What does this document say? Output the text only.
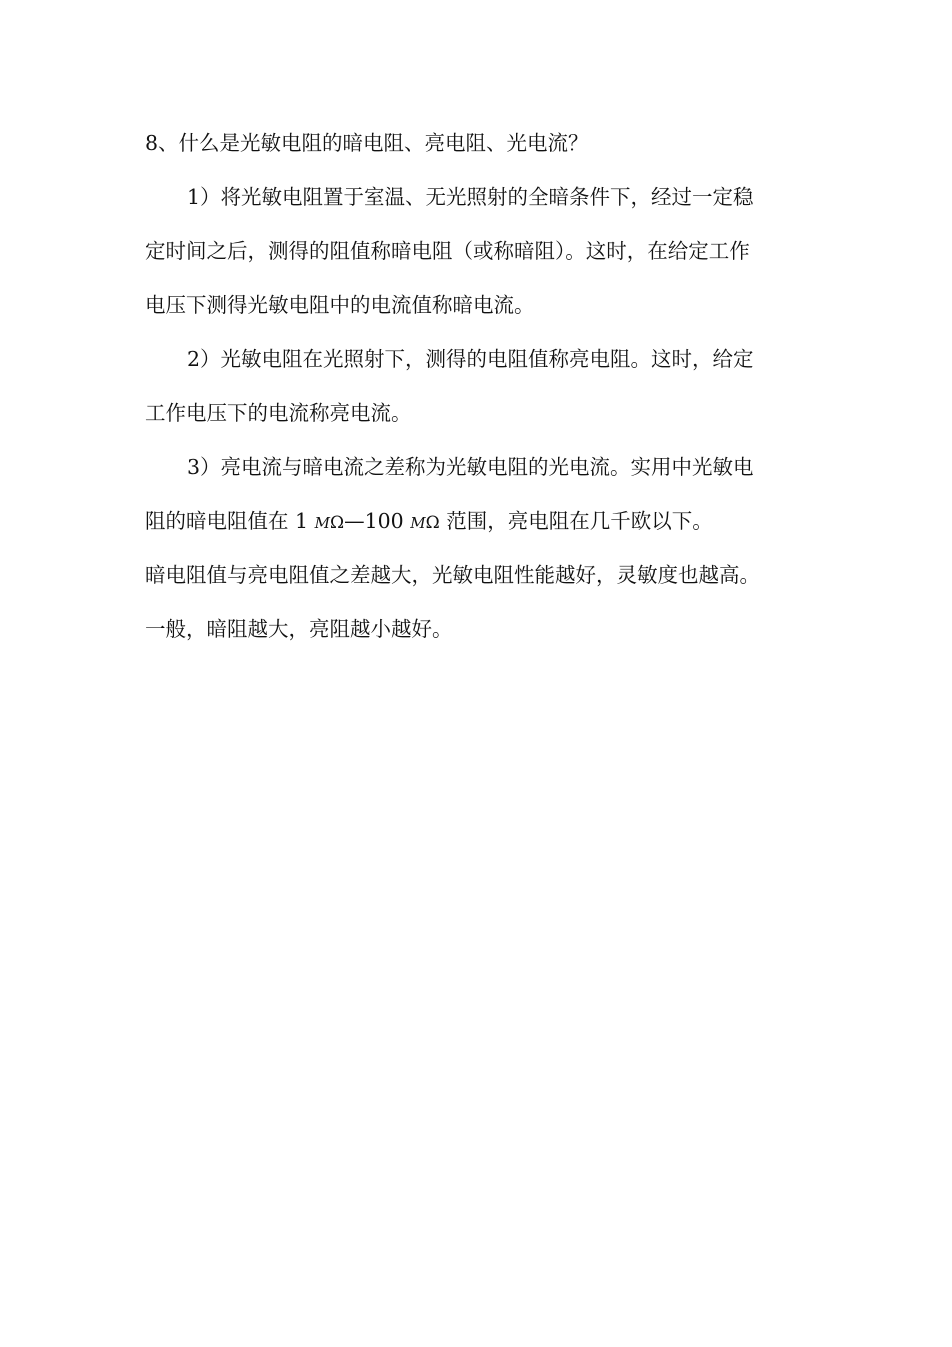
8、什么是光敏电阻的暗电阻、亮电阻、光电流？
1）将光敏电阻置于室温、无光照射的全暗条件下，经过一定稳
定时间之后，测得的阻值称暗电阻（或称暗阻）。这时，在给定工作
电压下测得光敏电阻中的电流值称暗电流。
2）光敏电阻在光照射下，测得的电阻值称亮电阻。这时，给定
工作电压下的电流称亮电流。
3）亮电流与暗电流之差称为光敏电阻的光电流。实用中光敏电
阻的暗电阻值在 1 MΩ—100 MΩ 范围，亮电阻在几千欧以下。
暗电阻值与亮电阻值之差越大，光敏电阻性能越好，灵敏度也越高。
一般，暗阻越大，亮阻越小越好。
